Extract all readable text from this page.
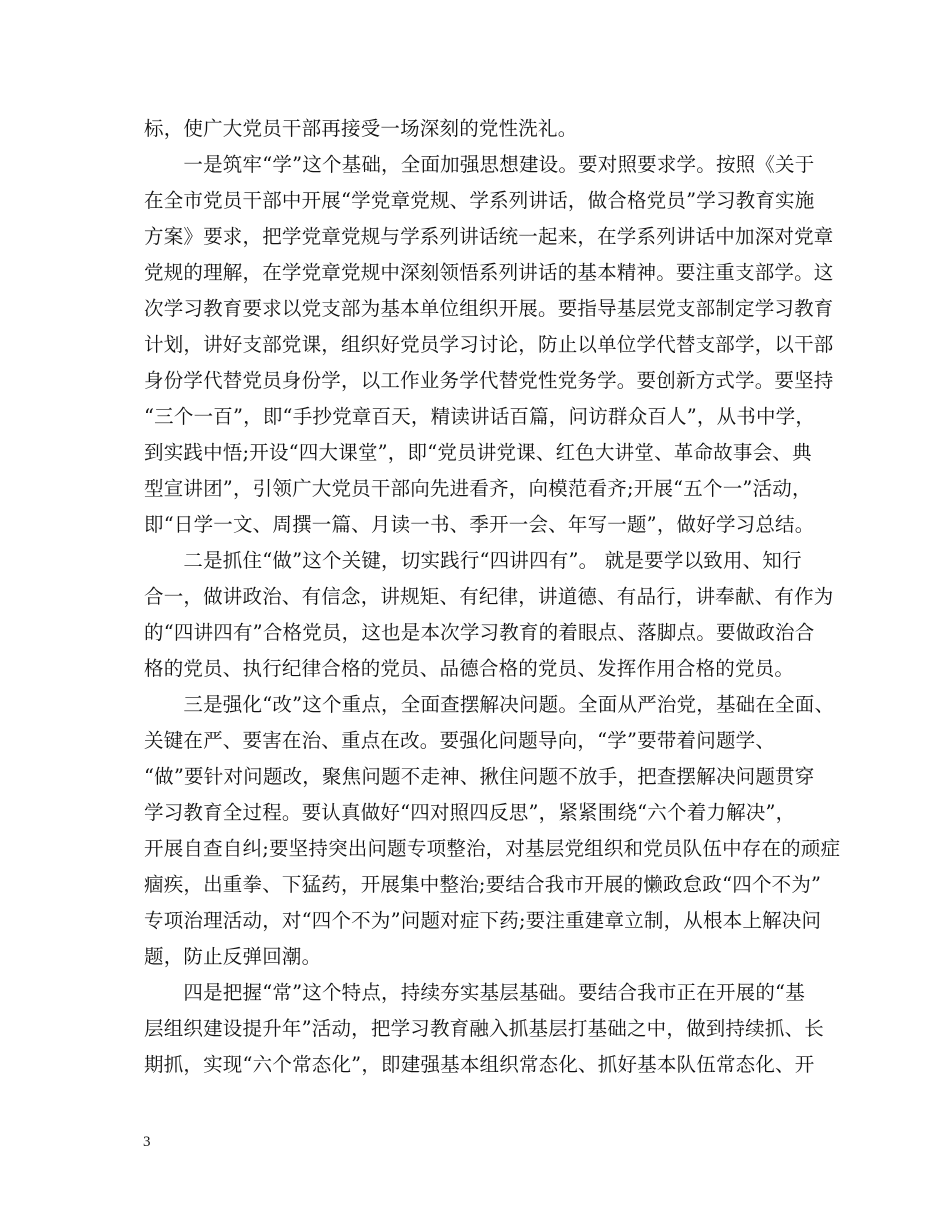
标，使广大党员干部再接受一场深刻的党性洗礼。
　　一是筑牢“学”这个基础，全面加强思想建设。要对照要求学。按照《关于
在全市党员干部中开展“学党章党规、学系列讲话，做合格党员”学习教育实施
方案》要求，把学党章党规与学系列讲话统一起来，在学系列讲话中加深对党章
党规的理解，在学党章党规中深刻领悟系列讲话的基本精神。要注重支部学。这
次学习教育要求以党支部为基本单位组织开展。要指导基层党支部制定学习教育
计划，讲好支部党课，组织好党员学习讨论，防止以单位学代替支部学，以干部
身份学代替党员身份学，以工作业务学代替党性党务学。要创新方式学。要坚持
“三个一百”，即“手抄党章百天，精读讲话百篇，问访群众百人”，从书中学，
到实践中悟;开设“四大课堂”，即“党员讲党课、红色大讲堂、革命故事会、典
型宣讲团”，引领广大党员干部向先进看齐，向模范看齐;开展“五个一”活动，
即“日学一文、周撰一篇、月读一书、季开一会、年写一题”，做好学习总结。
　　二是抓住“做”这个关键，切实践行“四讲四有”。 就是要学以致用、知行
合一，做讲政治、有信念，讲规矩、有纪律，讲道德、有品行，讲奉献、有作为
的“四讲四有”合格党员，这也是本次学习教育的着眼点、落脚点。要做政治合
格的党员、执行纪律合格的党员、品德合格的党员、发挥作用合格的党员。
　　三是强化“改”这个重点，全面查摆解决问题。全面从严治党，基础在全面、
关键在严、要害在治、重点在改。要强化问题导向，“学”要带着问题学、
“做”要针对问题改，聚焦问题不走神、揪住问题不放手，把查摆解决问题贯穿
学习教育全过程。要认真做好“四对照四反思”，紧紧围绕“六个着力解决”，
开展自查自纠;要坚持突出问题专项整治，对基层党组织和党员队伍中存在的顽症
痼疾，出重拳、下猛药，开展集中整治;要结合我市开展的懒政怠政“四个不为”
专项治理活动，对“四个不为”问题对症下药;要注重建章立制，从根本上解决问
题，防止反弹回潮。
　　四是把握“常”这个特点，持续夯实基层基础。要结合我市正在开展的“基
层组织建设提升年”活动，把学习教育融入抓基层打基础之中，做到持续抓、长
期抓，实现“六个常态化”，即建强基本组织常态化、抓好基本队伍常态化、开
3
